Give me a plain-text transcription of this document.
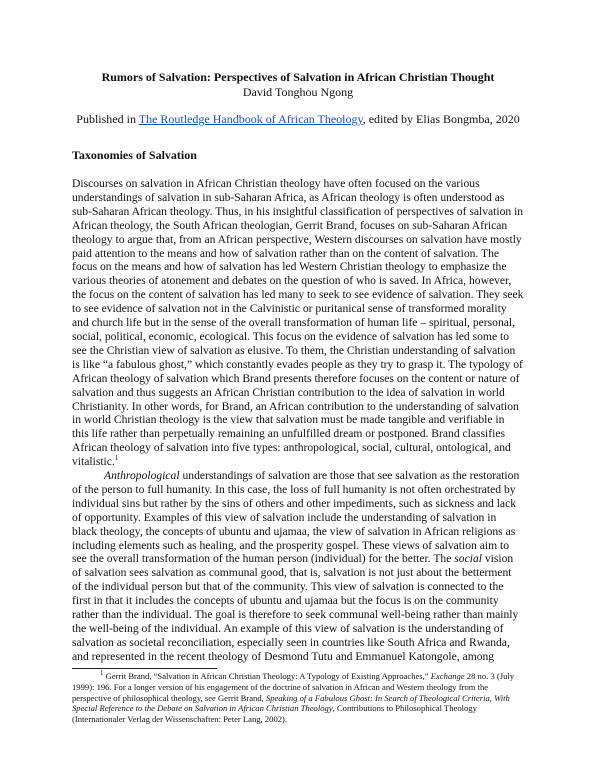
Rumors of Salvation: Perspectives of Salvation in African Christian Thought

David Tonghou Ngong

Published in The Routledge Handbook of African Theology, edited by Elias Bongmba, 2020

Taxonomies of Salvation

Discourses on salvation in African Christian theology have often focused on the various understandings of salvation in sub-Saharan Africa, as African theology is often understood as sub-Saharan African theology. Thus, in his insightful classification of perspectives of salvation in African theology, the South African theologian, Gerrit Brand, focuses on sub-Saharan African theology to argue that, from an African perspective, Western discourses on salvation have mostly paid attention to the means and how of salvation rather than on the content of salvation. The focus on the means and how of salvation has led Western Christian theology to emphasize the various theories of atonement and debates on the question of who is saved. In Africa, however, the focus on the content of salvation has led many to seek to see evidence of salvation. They seek to see evidence of salvation not in the Calvinistic or puritanical sense of transformed morality and church life but in the sense of the overall transformation of human life – spiritual, personal, social, political, economic, ecological. This focus on the evidence of salvation has led some to see the Christian view of salvation as elusive. To them, the Christian understanding of salvation is like “a fabulous ghost,” which constantly evades people as they try to grasp it. The typology of African theology of salvation which Brand presents therefore focuses on the content or nature of salvation and thus suggests an African Christian contribution to the idea of salvation in world Christianity. In other words, for Brand, an African contribution to the understanding of salvation in world Christian theology is the view that salvation must be made tangible and verifiable in this life rather than perpetually remaining an unfulfilled dream or postponed. Brand classifies African theology of salvation into five types: anthropological, social, cultural, ontological, and vitalistic.$^1$

Anthropological understandings of salvation are those that see salvation as the restoration of the person to full humanity. In this case, the loss of full humanity is not often orchestrated by individual sins but rather by the sins of others and other impediments, such as sickness and lack of opportunity. Examples of this view of salvation include the understanding of salvation in black theology, the concepts of ubuntu and ujamaa, the view of salvation in African religions as including elements such as healing, and the prosperity gospel. These views of salvation aim to see the overall transformation of the human person (individual) for the better. The social vision of salvation sees salvation as communal good, that is, salvation is not just about the betterment of the individual person but that of the community. This view of salvation is connected to the first in that it includes the concepts of ubuntu and ujamaa but the focus is on the community rather than the individual. The goal is therefore to seek communal well-being rather than mainly the well-being of the individual. An example of this view of salvation is the understanding of salvation as societal reconciliation, especially seen in countries like South Africa and Rwanda, and represented in the recent theology of Desmond Tutu and Emmanuel Katongole, among

$^1$ Gerrit Brand, “Salvation in African Christian Theology: A Typology of Existing Approaches,” Exchange 28 no. 3 (July 1999): 196. For a longer version of his engagement of the doctrine of salvation in African and Western theology from the perspective of philosophical theology, see Gerrit Brand, Speaking of a Fabulous Ghost: In Search of Theological Criteria, With Special Reference to the Debate on Salvation in African Christian Theology, Contributions to Philosophical Theology (Internationaler Verlag der Wissenschaften: Peter Lang, 2002).
